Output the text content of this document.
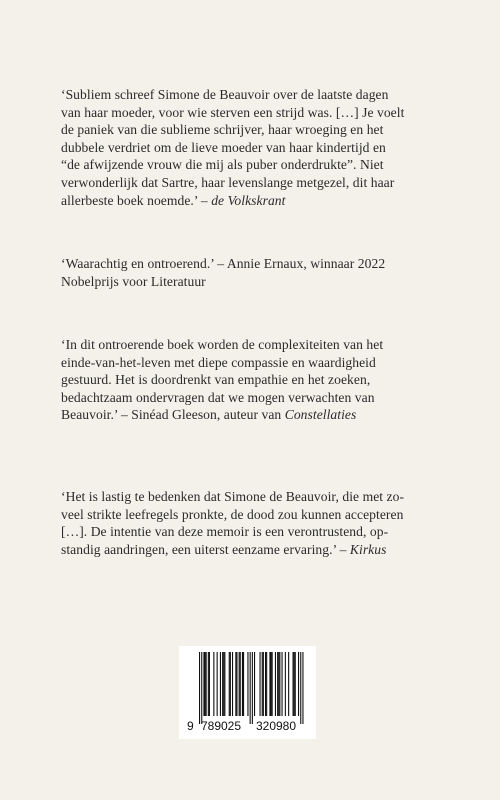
‘Subliem schreef Simone de Beauvoir over de laatste dagen
van haar moeder, voor wie sterven een strijd was. […] Je voelt
de paniek van die sublieme schrijver, haar wroeging en het
dubbele verdriet om de lieve moeder van haar kindertijd en
“de afwijzende vrouw die mij als puber onderdrukte”. Niet
verwonderlijk dat Sartre, haar levenslange metgezel, dit haar
allerbeste boek noemde.’ – de Volkskrant
‘Waarachtig en ontroerend.’ – Annie Ernaux, winnaar 2022
Nobelprijs voor Literatuur
‘In dit ontroerende boek worden de complexiteiten van het
einde-van-het-leven met diepe compassie en waardigheid
gestuurd. Het is doordrenkt van empathie en het zoeken,
bedachtzaam ondervragen dat we mogen verwachten van
Beauvoir.’ – Sinéad Gleeson, auteur van Constellaties
‘Het is lastig te bedenken dat Simone de Beauvoir, die met zo-
veel strikte leefregels pronkte, de dood zou kunnen accepteren
[…]. De intentie van deze memoir is een verontrustend, op-
standig aandringen, een uiterst eenzame ervaring.’ – Kirkus
9 789025 320980
